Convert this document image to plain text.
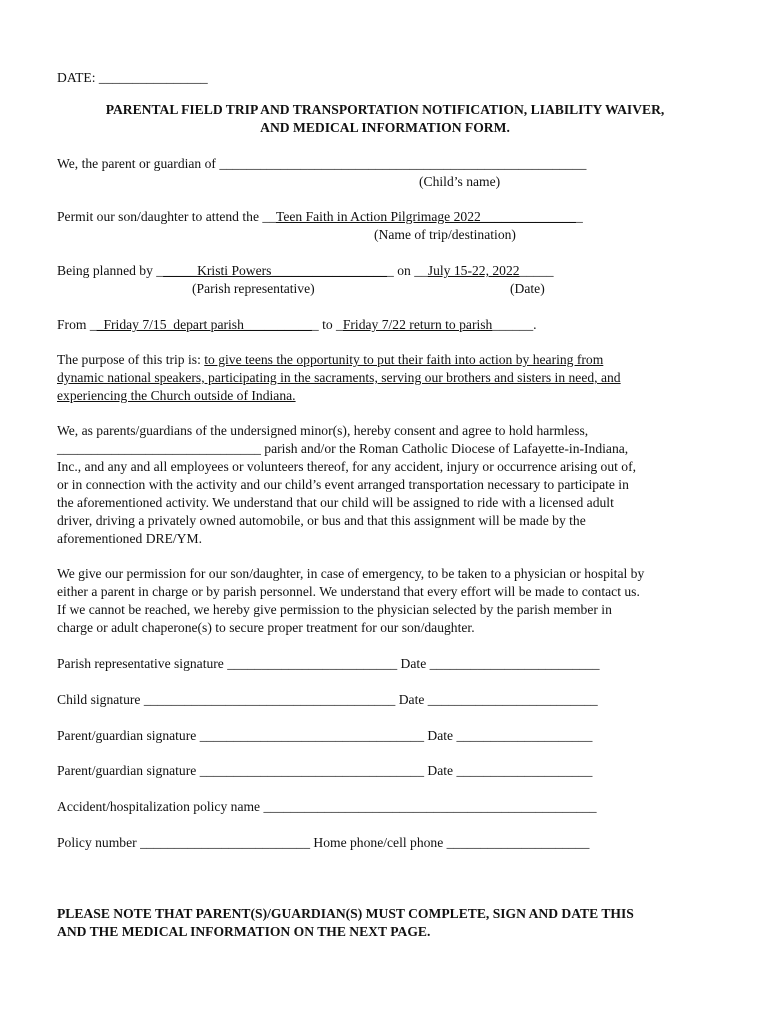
DATE: ________________
PARENTAL FIELD TRIP AND TRANSPORTATION NOTIFICATION, LIABILITY WAIVER,
AND MEDICAL INFORMATION FORM.
We, the parent or guardian of ______________________________________________________
(Child’s name)
Permit our son/daughter to attend the __Teen Faith in Action Pilgrimage 2022_______________
(Name of trip/destination)
Being planned by ______Kristi Powers__________________ on __July 15-22, 2022_____
(Parish representative)	(Date)
From __Friday 7/15_depart parish___________ to _Friday 7/22 return to parish______.
The purpose of this trip is: to give teens the opportunity to put their faith into action by hearing from
dynamic national speakers, participating in the sacraments, serving our brothers and sisters in need, and
experiencing the Church outside of Indiana.
We, as parents/guardians of the undersigned minor(s), hereby consent and agree to hold harmless,
______________________________ parish and/or the Roman Catholic Diocese of Lafayette-in-Indiana,
Inc., and any and all employees or volunteers thereof, for any accident, injury or occurrence arising out of,
or in connection with the activity and our child’s event arranged transportation necessary to participate in
the aforementioned activity. We understand that our child will be assigned to ride with a licensed adult
driver, driving a privately owned automobile, or bus and that this assignment will be made by the
aforementioned DRE/YM.
We give our permission for our son/daughter, in case of emergency, to be taken to a physician or hospital by
either a parent in charge or by parish personnel. We understand that every effort will be made to contact us.
If we cannot be reached, we hereby give permission to the physician selected by the parish member in
charge or adult chaperone(s) to secure proper treatment for our son/daughter.
Parish representative signature _________________________ Date _________________________
Child signature _____________________________________ Date _________________________
Parent/guardian signature _________________________________ Date ____________________
Parent/guardian signature _________________________________ Date ____________________
Accident/hospitalization policy name _________________________________________________
Policy number _________________________ Home phone/cell phone _____________________
PLEASE NOTE THAT PARENT(S)/GUARDIAN(S) MUST COMPLETE, SIGN AND DATE THIS
AND THE MEDICAL INFORMATION ON THE NEXT PAGE.
